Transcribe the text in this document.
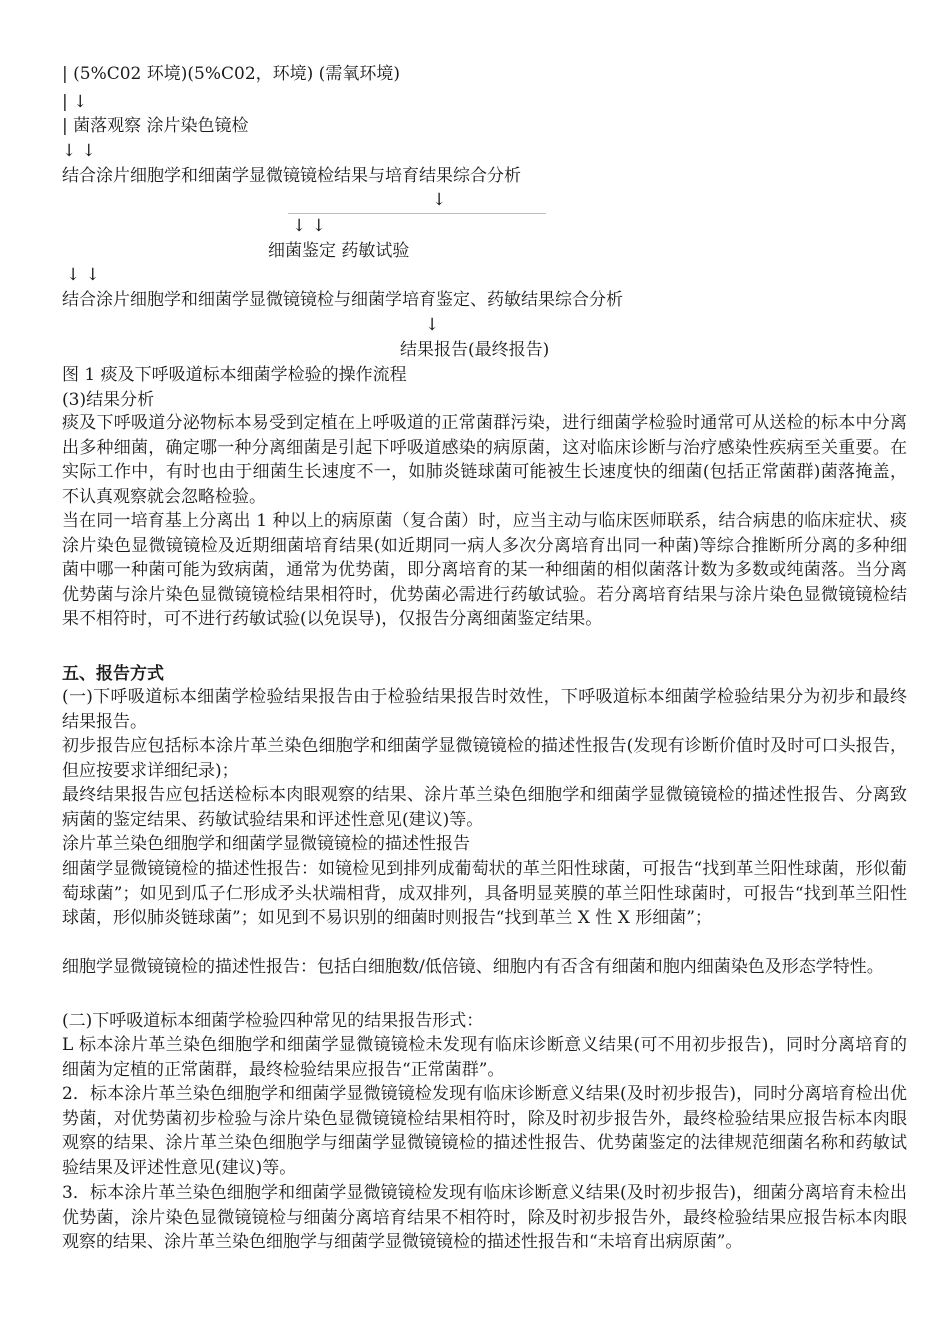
| (5%C02 环境)(5%C02，环境) (需氧环境)
| ↓
| 菌落观察 涂片染色镜检
↓ ↓
结合涂片细胞学和细菌学显微镜镜检结果与培育结果综合分析
↓
↓ ↓
细菌鉴定 药敏试验
↓ ↓
结合涂片细胞学和细菌学显微镜镜检与细菌学培育鉴定、药敏结果综合分析
↓
结果报告(最终报告)
图 1 痰及下呼吸道标本细菌学检验的操作流程
(3)结果分析
痰及下呼吸道分泌物标本易受到定植在上呼吸道的正常菌群污染，进行细菌学检验时通常可从送检的标本中分离出多种细菌，确定哪一种分离细菌是引起下呼吸道感染的病原菌，这对临床诊断与治疗感染性疾病至关重要。在实际工作中，有时也由于细菌生长速度不一，如肺炎链球菌可能被生长速度快的细菌(包括正常菌群)菌落掩盖，不认真观察就会忽略检验。
当在同一培育基上分离出 1 种以上的病原菌（复合菌）时，应当主动与临床医师联系，结合病患的临床症状、痰涂片染色显微镜镜检及近期细菌培育结果(如近期同一病人多次分离培育出同一种菌)等综合推断所分离的多种细菌中哪一种菌可能为致病菌，通常为优势菌，即分离培育的某一种细菌的相似菌落计数为多数或纯菌落。当分离优势菌与涂片染色显微镜镜检结果相符时，优势菌必需进行药敏试验。若分离培育结果与涂片染色显微镜镜检结果不相符时，可不进行药敏试验(以免误导)，仅报告分离细菌鉴定结果。
五、报告方式
(一)下呼吸道标本细菌学检验结果报告由于检验结果报告时效性，下呼吸道标本细菌学检验结果分为初步和最终结果报告。
初步报告应包括标本涂片革兰染色细胞学和细菌学显微镜镜检的描述性报告(发现有诊断价值时及时可口头报告，但应按要求详细纪录)；
最终结果报告应包括送检标本肉眼观察的结果、涂片革兰染色细胞学和细菌学显微镜镜检的描述性报告、分离致病菌的鉴定结果、药敏试验结果和评述性意见(建议)等。
涂片革兰染色细胞学和细菌学显微镜镜检的描述性报告
细菌学显微镜镜检的描述性报告：如镜检见到排列成葡萄状的革兰阳性球菌，可报告“找到革兰阳性球菌，形似葡萄球菌”；如见到瓜子仁形成矛头状端相背，成双排列，具备明显荚膜的革兰阳性球菌时，可报告“找到革兰阳性球菌，形似肺炎链球菌”；如见到不易识别的细菌时则报告“找到革兰 X 性 X 形细菌”；
细胞学显微镜镜检的描述性报告：包括白细胞数/低倍镜、细胞内有否含有细菌和胞内细菌染色及形态学特性。
(二)下呼吸道标本细菌学检验四种常见的结果报告形式：
L 标本涂片革兰染色细胞学和细菌学显微镜镜检未发现有临床诊断意义结果(可不用初步报告)，同时分离培育的细菌为定植的正常菌群，最终检验结果应报告“正常菌群”。
2．标本涂片革兰染色细胞学和细菌学显微镜镜检发现有临床诊断意义结果(及时初步报告)，同时分离培育检出优势菌，对优势菌初步检验与涂片染色显微镜镜检结果相符时，除及时初步报告外，最终检验结果应报告标本肉眼观察的结果、涂片革兰染色细胞学与细菌学显微镜镜检的描述性报告、优势菌鉴定的法律规范细菌名称和药敏试验结果及评述性意见(建议)等。
3．标本涂片革兰染色细胞学和细菌学显微镜镜检发现有临床诊断意义结果(及时初步报告)，细菌分离培育未检出优势菌，涂片染色显微镜镜检与细菌分离培育结果不相符时，除及时初步报告外，最终检验结果应报告标本肉眼观察的结果、涂片革兰染色细胞学与细菌学显微镜镜检的描述性报告和“未培育出病原菌”。
